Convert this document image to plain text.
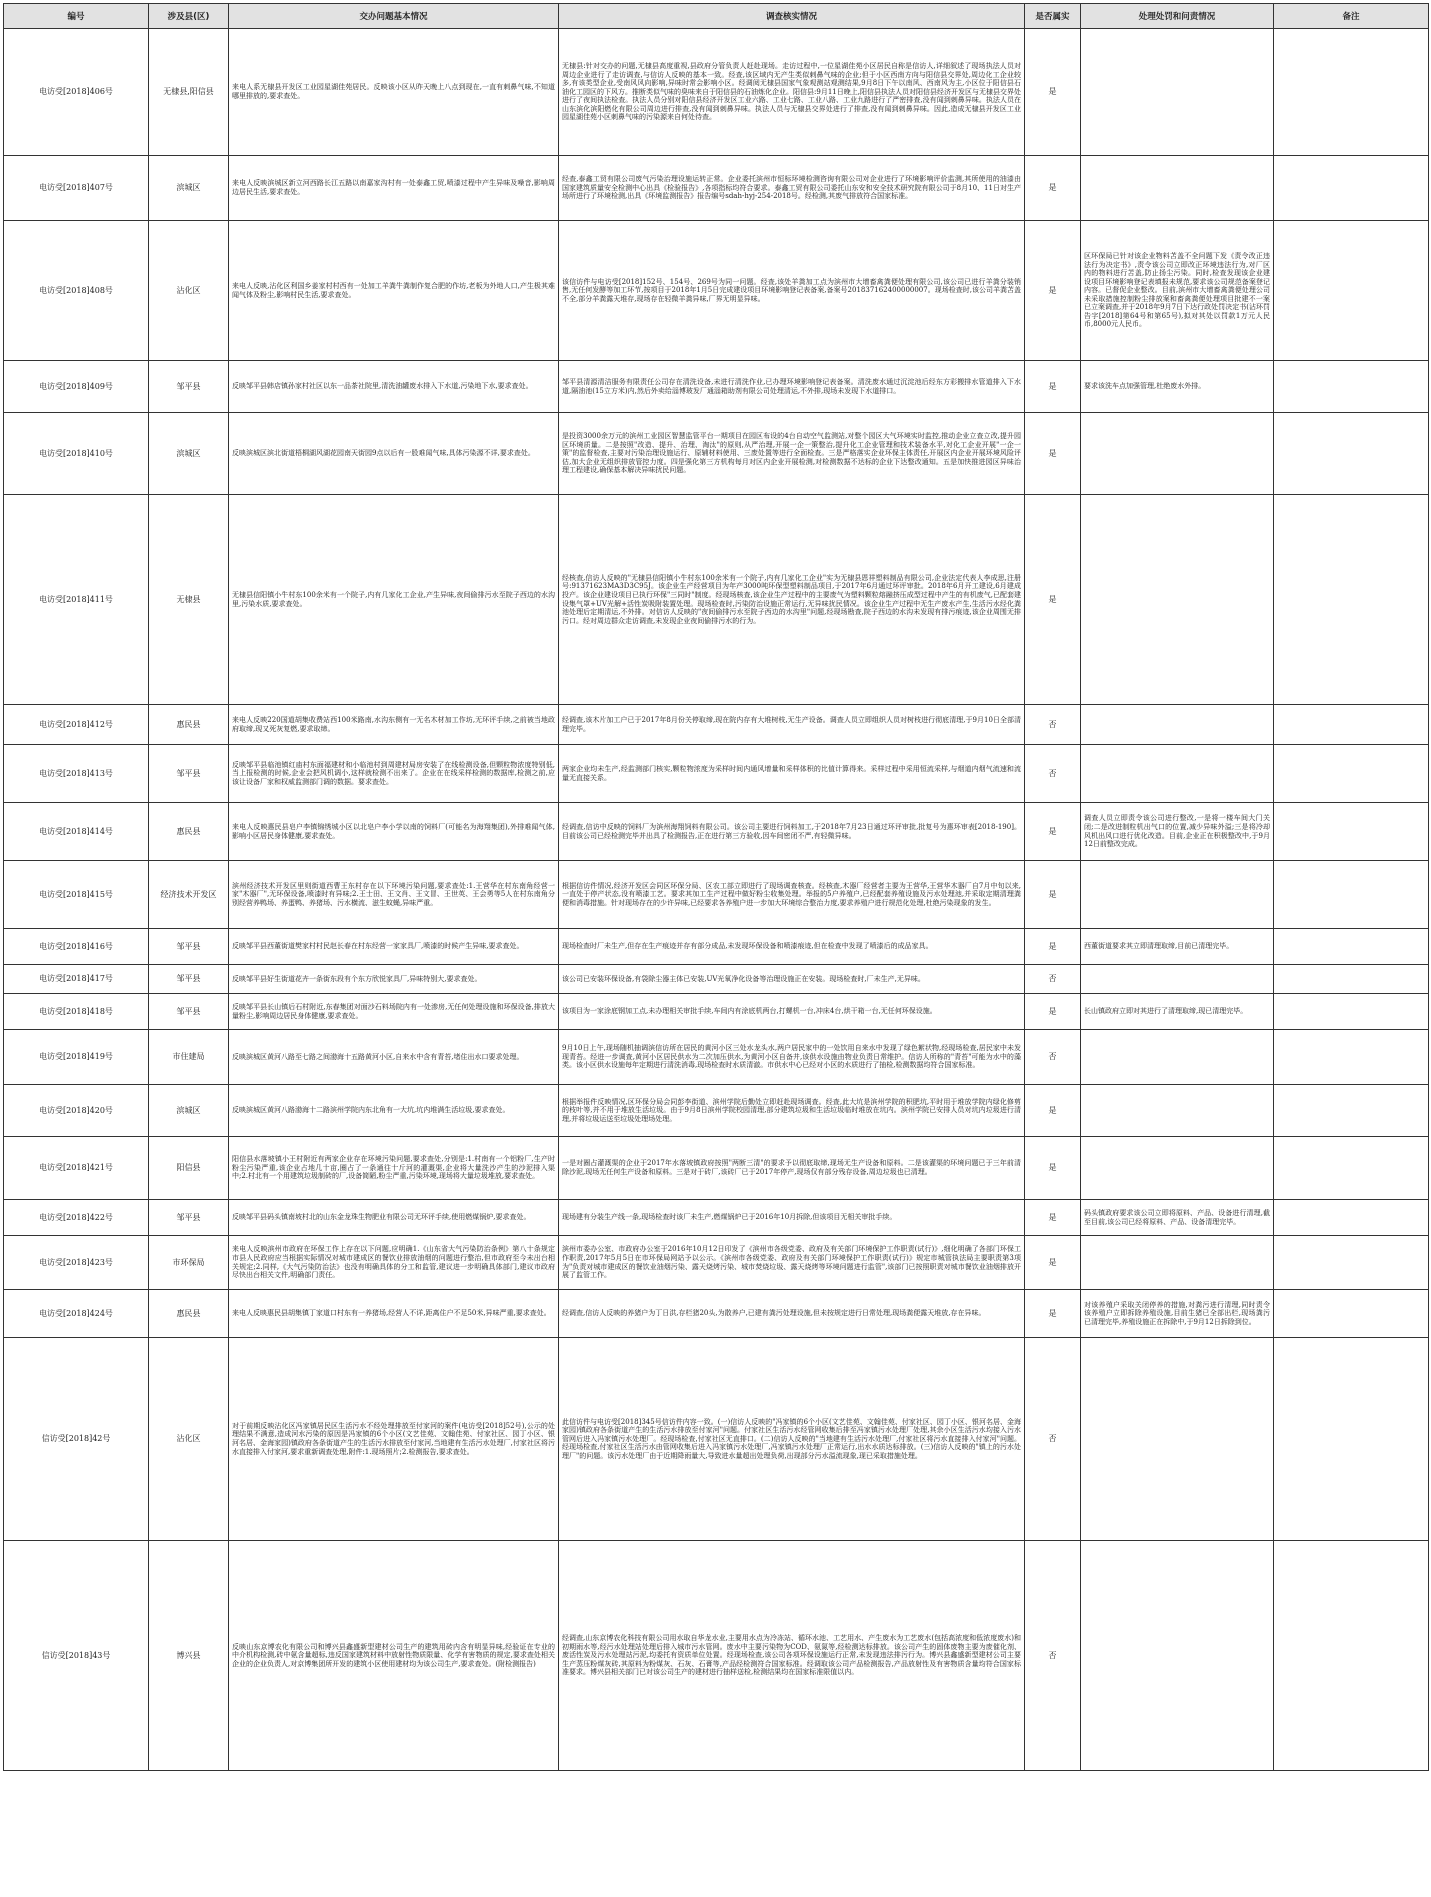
编号	涉及县(区)	交办问题基本情况	调查核实情况	是否属实	处理处罚和问责情况	备注
电访受[2018]406号	无棣县,阳信县	来电人系无棣县开发区工业园星湖佳苑居民。反映该小区从昨天晚上八点到现在,一直有刺鼻气味,不知道哪里排放的,要求查处。	无棣县:针对交办的问题,无棣县高度重视,县政府分管负责人赶赴现场。走访过程中,一位星湖佳苑小区居民自称是信访人,详细叙述了现场执法人员对周边企业进行了走访调查,与信访人反映的基本一致。经查,该区域内无产生类似刺鼻气味的企业;但于小区西南方向与阳信县交界处,周边化工企业较多,有该类型企业,受南风风向影响,异味时常会影响小区。经调阅无棣县国家气象观测站观测结果,9月8日下午以南风、西南风为主,小区位于阳信县石油化工园区的下风方。推断类似气味的臭味来自于阳信县的石油炼化企业。阳信县:9月11日晚上,阳信县执法人员对阳信县经济开发区与无棣县交界处进行了夜间执法检查。执法人员分别对阳信县经济开发区工业六路、工业七路、工业八路、工业九路进行了严密排查,没有闻到刺鼻异味。执法人员在山东滨化滨阳燃化有限公司周边进行排查,没有闻到刺鼻异味。执法人员与无棣县交界处进行了排查,没有闻到刺鼻异味。因此,造成无棣县开发区工业园星湖佳苑小区刺鼻气味的污染源来自何处待查。	是		
电访受[2018]407号	滨城区	来电人反映滨城区新立河西路长江五路以南嘉家沟村有一处泰鑫工贸,喷漆过程中产生异味及噪音,影响周边居民生活,要求查处。	经查,泰鑫工贸有限公司废气污染治理设施运转正常。企业委托滨州市恒标环境检测咨询有限公司对企业进行了环境影响评价监测,其所使用的油漆由国家建筑质量安全检测中心出具《检验报告》,各项指标均符合要求。泰鑫工贸有限公司委托山东安和安全技术研究院有限公司于8月10、11日对生产场所进行了环境检测,出具《环境监测报告》报告编号sdah-hyj-254-2018号。经检测,其废气排放符合国家标准。	是		
电访受[2018]408号	沾化区	来电人反映,沾化区利国乡姜家村村西有一处加工羊粪牛粪制作复合肥的作坊,老板为外地人口,产生极其难闻气体及粉尘,影响村民生活,要求查处。	该信访件与电访受[2018]152号、154号、269号为同一问题。经查,该处羊粪加工点为滨州市大增畜禽粪便处理有限公司,该公司已进行羊粪分装销售,无任何发酵等加工环节,按项目于2018年1月5日完成建设项目环境影响登记表备案,备案号201837162400000007。现场检查时,该公司羊粪苫盖不全,部分羊粪露天堆存,现场存在轻微羊粪异味,厂界无明显异味。	是	区环保局已针对该企业物料苫盖不全问题下发《责令改正违法行为决定书》,责令该公司立即改正环境违法行为,对厂区内的物料进行苫盖,防止扬尘污染。同时,检查发现该企业建设项目环境影响登记表填报未规范,要求该公司规范备案登记内容。已督促企业整改。目前,滨州市大增畜禽粪便处理公司未采取措施控制粉尘排放案和畜禽粪便处理项目批建不一案已立案调查,并于2018年9月7日下达行政处罚决定书(沾环罚告字[2018]第64号和第65号),拟对其处以罚款1万元人民币,8000元人民币。	
电访受[2018]409号	邹平县	反映邹平县韩店镇孙家村社区以东一品茶社院里,清洗油罐废水排入下水道,污染地下水,要求查处。	邹平县清源清洁服务有限责任公司存在清洗设备,未进行清洗作业,已办理环境影响登记表备案。清洗废水通过沉淀池后经东方彩搬排水管道排入下水道,隔油池(15立方米)内,然后外卖给淄博玻发厂通淄箱助剂有限公司处理清运,不外排,现场未发现下水道排口。	是	要求该洗车点加强管理,杜绝废水外排。	
电访受[2018]410号	滨城区	反映滨城区滨北街道梧桐湖风湖花园南天街园9点以后有一股难闻气味,具体污染源不详,要求查处。	是投资3000余万元的滨州工业园区智慧监管平台一期项目在园区布设的4台自动空气监测站,对整个园区大气环境实时监控,推动企业立查立改,提升园区环境质量。二是按照"改造、提升、治理、淘汰"的原则,从严治理,开展一企一策整治,提升化工企业管理和技术装备水平,对化工企业开展"一企一策"的监督检查,主要对污染治理设施运行、原辅材料使用、三废处置等进行全面检查。三是严格落实企业环保主体责任,开展区内企业开展环境风险评估,加大企业无组织排放管控力度。四是强化第三方机构每月对区内企业开展检测,对检测数据不达标的企业下达整改通知。五是加快推进园区异味治理工程建设,确保基本解决异味扰民问题。	是		
电访受[2018]411号	无棣县	无棣县信阳镇小牛村东100余米有一个院子,内有几家化工企业,产生异味,夜间偷排污水至院子西边的水沟里,污染水质,要求查处。	经核查,信访人反映的"无棣县信阳镇小牛村东100余米有一个院子,内有几家化工企业"实为无棣县恩祥塑料制品有限公司,企业法定代表人李成思,注册号:91371623MA3D3C95J。该企业生产经营项目为年产3000吨环保型塑料制品项目,于2017年6月通过环评审批。2018年6月开工建设,6月建成投产。该企业建设项目已执行环保"三同时"制度。经现场核查,该企业生产过程中的主要废气为塑料颗粒熔融挤压成型过程中产生的有机废气,已配套建设集气罩+UV光解+活性炭吸附装置处理。现场检查时,污染防治设施正常运行,无异味扰民情况。该企业生产过程中无生产废水产生,生活污水经化粪池处理后定期清运,不外排。对信访人反映的"夜间偷排污水至院子西边的水沟里"问题,经现场勘查,院子西边的水沟未发现有排污痕迹,该企业周围无排污口。经对周边群众走访调查,未发现企业夜间偷排污水的行为。	是		
电访受[2018]412号	惠民县	来电人反映220国道胡集收费站西100米路南,水沟东侧有一无名木材加工作坊,无环评手续,之前被当地政府取缔,现又死灰复燃,要求取缔。	经调查,该木片加工户已于2017年8月份关停取缔,现在院内存有大堆树枝,无生产设备。调查人员立即组织人员对树枝进行彻底清理,于9月10日全部清理完毕。	否		
电访受[2018]413号	邹平县	反映邹平县临池镇红庙村东面福建材和小临池村到周建材局房安装了在线检测设备,但颗粒物浓度特别低,当上报检测的时候,企业会把风机调小,这样就检测不出来了。企业在在线采样检测的数据库,检测之前,应该让设备厂家和权威监测部门调的数据。要求查处。	两家企业均未生产,经监测部门核实,颗粒物浓度为采样时间内通风增量和采样体积的比值计算得来。采样过程中采用恒流采样,与烟道内烟气流速和流量无直接关系。	否		
电访受[2018]414号	惠民县	来电人反映惠民县皂户李镇锦绣城小区以北皂户李小学以南的饲料厂(可能名为海翔集团),外排难闻气体,影响小区居民身体健康,要求查处。	经调查,信访中反映的饲料厂为滨州海翔饲料有限公司。该公司主要进行饲料加工,于2018年7月23日通过环评审批,批复号为惠环审表[2018-190]。目前该公司已经检测完毕并出具了检测报告,正在进行第三方验收,因车间密闭不严,有轻微异味。	是	调查人员立即责令该公司进行整改,一是将一楼车间大门关闭;二是改进制粒机出气口的位置,减少异味外溢;三是将冷却风机出风口进行优化改造。目前,企业正在积极整改中,于9月12日前整改完成。	
电访受[2018]415号	经济技术开发区	滨州经济技术开发区里则街道西曹王东村存在以下环境污染问题,要求查处:1.王营华在村东南角经营一家"木器厂",无环保设备,喷漆时有异味;2.王士田、王文肖、王文冒、王世英、王会勇等5人在村东南角分别经营养鸭场、养蛋鸭、养猪场、污水横流、滋生蚊蝇,异味严重。	根据信访件情况,经济开发区会同区环保分局、区农工部立即进行了现场调查核查。经核查,木器厂经营者主要为王营华,王营华木器厂自7月中旬以来,一直处于停产状态,没有喷漆工艺。要求其加工生产过程中做好粉尘收集处理。举报的5户养殖户,已经配套养殖设施及污水处理池,并采取定期清理粪便和消毒措施。针对现场存在的少许异味,已经要求各养殖户进一步加大环境综合整治力度,要求养殖户进行规范化处理,杜绝污染现象的发生。	是		
电访受[2018]416号	邹平县	反映邹平县西董街道樊家村村民赵长春在村东经营一家家具厂,喷漆的时候产生异味,要求查处。	现场检查时厂未生产,但存在生产痕迹并存有部分成品,未发现环保设备和喷漆痕迹,但在检查中发现了喷漆后的成品家具。	是	西董街道要求其立即清理取缔,目前已清理完毕。	
电访受[2018]417号	邹平县	反映邹平县好生街道花卉一条街东段有个东方欣悦家具厂,异味特别大,要求查处。	该公司已安装环保设备,有袋除尘器主体已安装,UV光氧净化设备等治理设施正在安装。现场检查时,厂未生产,无异味。	否		
电访受[2018]418号	邹平县	反映邹平县长山镇后石村附近,东春集团对面沙石料场院内有一处渗房,无任何处理设施和环保设备,排放大量粉尘,影响周边居民身体健康,要求查处。	该项目为一家涂底钢加工点,未办理相关审批手续,车间内有涂底机两台,打螺机一台,冲床4台,烘干箱一台,无任何环保设施。	是	长山镇政府立即对其进行了清理取缔,现已清理完毕。	
电访受[2018]419号	市住建局	反映滨城区黄河八路至七路之间渤海十五路黄河小区,自来水中含有青苔,堵住出水口要求处理。	9月10日上午,现场随机抽调滨信访所在居民的黄河小区三处水龙头水,两户居民家中的一处饮用自来水中发现了绿色絮状物,经现场检查,居民家中未发现青苔。经进一步调查,黄河小区居民供水为二次加压供水,为黄河小区自备井,该供水设施由物业负责日常维护。信访人所称的"青苔"可能为水中的藻类。该小区供水设施每年定期进行清洗消毒,现场检查时水质清澈。市供水中心已经对小区的水质进行了抽检,检测数据均符合国家标准。	否		
电访受[2018]420号	滨城区	反映滨城区黄河八路渤海十二路滨州学院内东北角有一大坑,坑内堆满生活垃圾,要求查处。	根据举报件反映情况,区环保分局会同彭李街道、滨州学院后勤处立即赶赴现场调查。经查,此大坑是滨州学院的积肥坑,平时用于堆放学院内绿化修剪的枝叶等,并不用于堆放生活垃圾。由于9月8日滨州学院校园清理,部分建筑垃圾和生活垃圾临时堆放在坑内。滨州学院已安排人员对坑内垃圾进行清理,并将垃圾运送至垃圾处理场处理。	是		
电访受[2018]421号	阳信县	阳信县水落坡镇小王村附近有两家企业存在环境污染问题,要求查处,分别是:1.村南有一个铝粉厂,生产时粉尘污染严重,该企业占地几十亩,圈占了一条通往十斤河的灌溉渠,企业将大量洗沙产生的沙泥排入渠中;2.村北有一个用建筑垃圾制砖的厂,设备简陋,粉尘严重,污染环境,现场将大量垃圾堆放,要求查处。	一是对圈占灌溉渠的企业于2017年水落坡镇政府按照"两断三清"的要求予以彻底取缔,现场无生产设备和原料。二是该灌渠的环境问题已于三年前清除沙泥,现场无任何生产设备和原料。三是对于砖厂,该砖厂已于2017年停产,现场仅有部分残存设备,周边垃圾也已清理。	是		
电访受[2018]422号	邹平县	反映邹平县码头镇南坡村北的山东金龙珠生物肥业有限公司无环评手续,使用燃煤锅炉,要求查处。	现场建有分装生产线一条,现场检查时该厂未生产,燃煤锅炉已于2016年10月拆除,但该项目无相关审批手续。	是	码头镇政府要求该公司立即将原料、产品、设备进行清理,截至目前,该公司已经将原料、产品、设备清理完毕。	
电访受[2018]423号	市环保局	来电人反映滨州市政府在环保工作上存在以下问题,应明确1.《山东省大气污染防治条例》第八十条规定市县人民政府应当根据实际情况对城市建成区的餐饮业排放油烟的问题进行整治,但市政府至今未出台相关规定;2.同样,《大气污染防治法》也没有明确具体的分工和监管,建议进一步明确具体部门,建议市政府尽快出台相关文件,明确部门责任。	滨州市委办公室、市政府办公室于2016年10月12日印发了《滨州市各级党委、政府及有关部门环境保护工作职责(试行)》,细化明确了各部门环保工作职责,2017年5月5日在市环保局网站予以公示。《滨州市各级党委、政府及有关部门环境保护工作职责(试行)》规定市城管执法局主要职责第3项为"负责对城市建成区的餐饮业油烟污染、露天烧烤污染、城市焚烧垃圾、露天烧烤等环境问题进行监管",该部门已按照职责对城市餐饮业油烟排放开展了监管工作。	是		
电访受[2018]424号	惠民县	来电人反映惠民县胡集镇丁家道口村东有一养猪场,经营人不详,距离住户不足50米,异味严重,要求查处。	经调查,信访人反映的养猪户为丁日洪,存栏猪20头,为散养户,已建有粪污处理设施,但未按规定进行日常处理,现场粪便露天堆放,存在异味。	是	对该养殖户采取关闭停养的措施,对粪污进行清理,同时责令该养殖户立即拆除养殖设施,目前生猪已全部出栏,现场粪污已清理完毕,养殖设施正在拆除中,于9月12日拆除到位。	
信访受[2018]42号	沾化区	对于前期反映沾化区冯家镇居民区生活污水不经处理排放至付家河的案件(电访受[2018]52号),公示的处理结果不满意,造成河水污染的原因是冯家镇的6个小区(文艺佳苑、文翰佳苑、付家社区、园丁小区、银河名居、金海家园)镇政府各条街道产生的生活污水排放至付家河,当地建有生活污水处理厂,付家社区将污水直接排入付家河,要求重新调查处理,附件:1.现场照片;2.检测报告,要求查处。	此信访件与电访受[2018]345号信访件内容一致。(一)信访人反映的"冯家镇的6个小区(文艺佳苑、文翰佳苑、付家社区、园丁小区、银河名居、金海家园)镇政府各条街道产生的生活污水排放至付家河"问题。付家社区生活污水经管网收集后排至冯家镇污水处理厂处理,其余小区生活污水均接入污水管网后进入冯家镇污水处理厂。经现场检查,付家社区无直排口。(二)信访人反映的"当地建有生活污水处理厂,付家社区将污水直接排入付家河"问题。经现场检查,付家社区生活污水由管网收集后进入冯家镇污水处理厂,冯家镇污水处理厂正常运行,出水水质达标排放。(三)信访人反映的"镇上的污水处理厂"的问题。该污水处理厂由于近期降雨量大,导致进水量超出处理负荷,出现部分污水溢流现象,现已采取措施处理。	否		
信访受[2018]43号	博兴县	反映山东京博农化有限公司和博兴县鑫盛新型建材公司生产的建筑用砖内含有明显异味,经验证在专业的中介机构检测,砖中氨含量超标,违反国家建筑材料中放射性物质限量、化学有害物质的规定,要求查处相关企业的企业负责人,对京博集团所开发的建筑小区使用建材均为该公司生产,要求查处。(附检测报告)	经调查,山东京博农化科技有限公司用水取自华龙水业,主要用水点为冷冻站、循环水池、工艺用水、产生废水为工艺废水(包括高浓度和低浓度废水)和初期雨水等,经污水处理站处理后排入城市污水管网。废水中主要污染物为COD、氨氮等,经检测达标排放。该公司产生的固体废物主要为废催化剂、废活性炭及污水处理站污泥,均委托有资质单位处置。经现场检查,该公司各项环保设施运行正常,未发现违法排污行为。博兴县鑫盛新型建材公司主要生产蒸压粉煤灰砖,其原料为粉煤灰、石灰、石膏等,产品经检测符合国家标准。经调取该公司产品检测报告,产品放射性及有害物质含量均符合国家标准要求。博兴县相关部门已对该公司生产的建材进行抽样送检,检测结果均在国家标准限值以内。	否		
